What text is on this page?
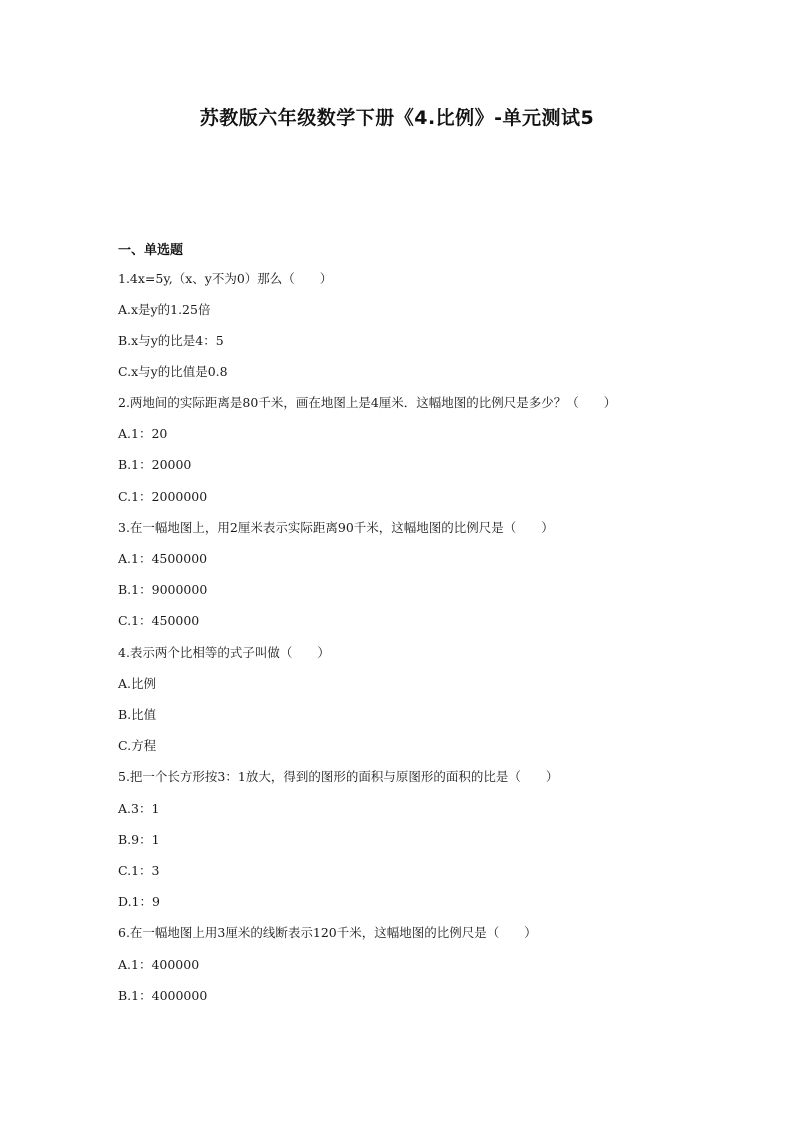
苏教版六年级数学下册《4.比例》-单元测试5
一、单选题
1.4x=5y,（x、y不为0）那么（　　）
A.x是y的1.25倍
B.x与y的比是4：5
C.x与y的比值是0.8
2.两地间的实际距离是80千米，画在地图上是4厘米．这幅地图的比例尺是多少？（　　）
A.1：20
B.1：20000
C.1：2000000
3.在一幅地图上，用2厘米表示实际距离90千米，这幅地图的比例尺是（　　）
A.1：4500000
B.1：9000000
C.1：450000
4.表示两个比相等的式子叫做（　　）
A.比例
B.比值
C.方程
5.把一个长方形按3：1放大，得到的图形的面积与原图形的面积的比是（　　）
A.3：1
B.9：1
C.1：3
D.1：9
6.在一幅地图上用3厘米的线断表示120千米，这幅地图的比例尺是（　　）
A.1：400000
B.1：4000000
